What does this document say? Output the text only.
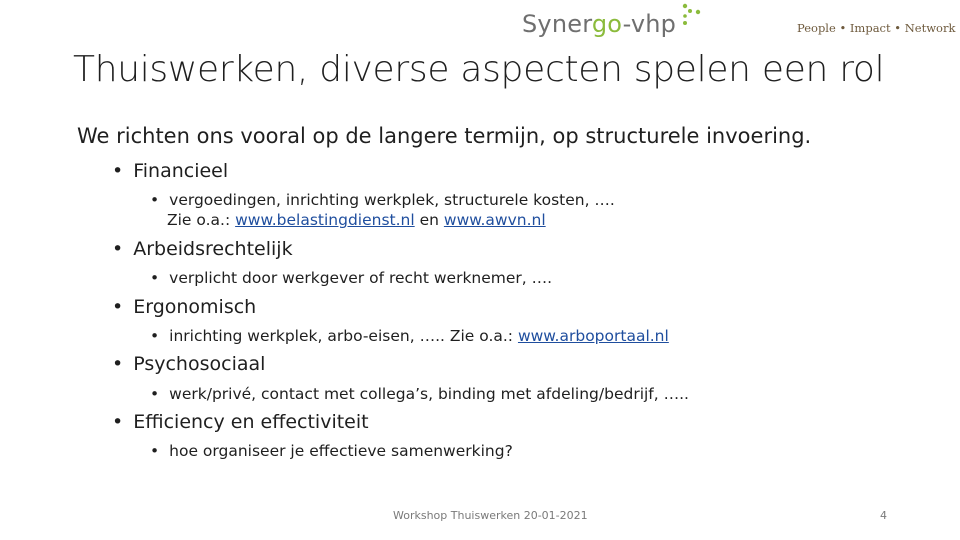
Synergo-vhp	People • Impact • Network
Thuiswerken, diverse aspecten spelen een rol
We richten ons vooral op de langere termijn, op structurele invoering.
• Financieel
• vergoedingen, inrichting werkplek, structurele kosten, ….
Zie o.a.: www.belastingdienst.nl en www.awvn.nl
• Arbeidsrechtelijk
• verplicht door werkgever of recht werknemer, ….
• Ergonomisch
• inrichting werkplek, arbo-eisen, ….. Zie o.a.: www.arboportaal.nl
• Psychosociaal
• werk/privé, contact met collega’s, binding met afdeling/bedrijf, …..
• Efficiency en effectiviteit
• hoe organiseer je effectieve samenwerking?
Workshop Thuiswerken 20-01-2021	4
